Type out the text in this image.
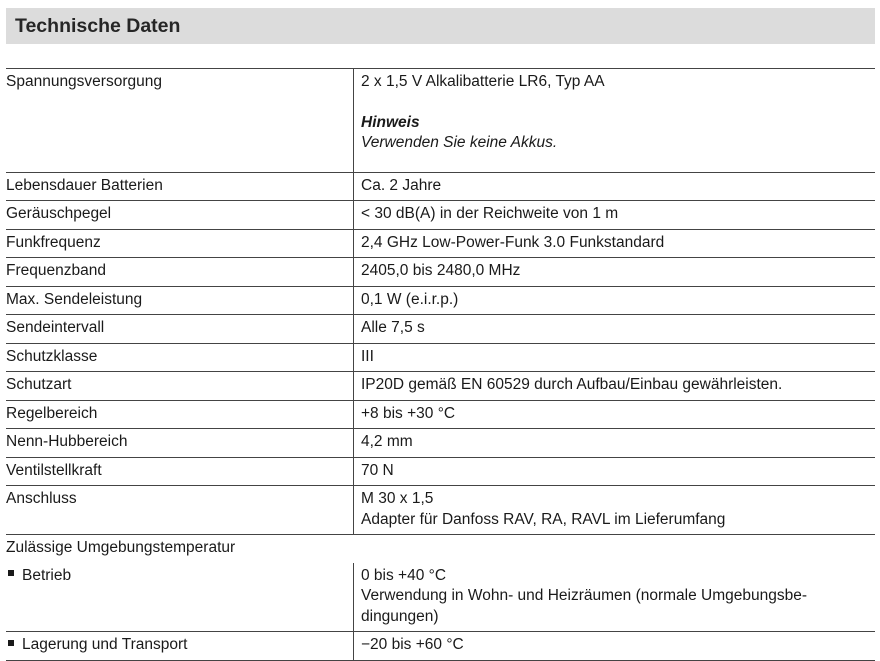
Technische Daten
Spannungsversorgung	2 x 1,5 V Alkalibatterie LR6, Typ AA
Hinweis
Verwenden Sie keine Akkus.

Lebensdauer Batterien	Ca. 2 Jahre
Geräuschpegel	< 30 dB(A) in der Reichweite von 1 m
Funkfrequenz	2,4 GHz Low-Power-Funk 3.0 Funkstandard
Frequenzband	2405,0 bis 2480,0 MHz
Max. Sendeleistung	0,1 W (e.i.r.p.)
Sendeintervall	Alle 7,5 s
Schutzklasse	III
Schutzart	IP20D gemäß EN 60529 durch Aufbau/Einbau gewährleisten.
Regelbereich	+8 bis +30 °C
Nenn-Hubbereich	4,2 mm
Ventilstellkraft	70 N
Anschluss	M 30 x 1,5
Adapter für Danfoss RAV, RA, RAVL im Lieferumfang

Zulässige Umgebungstemperatur	
Betrieb	0 bis +40 °C
Verwendung in Wohn- und Heizräumen (normale Umgebungsbe-
dingungen)

Lagerung und Transport	−20 bis +60 °C
